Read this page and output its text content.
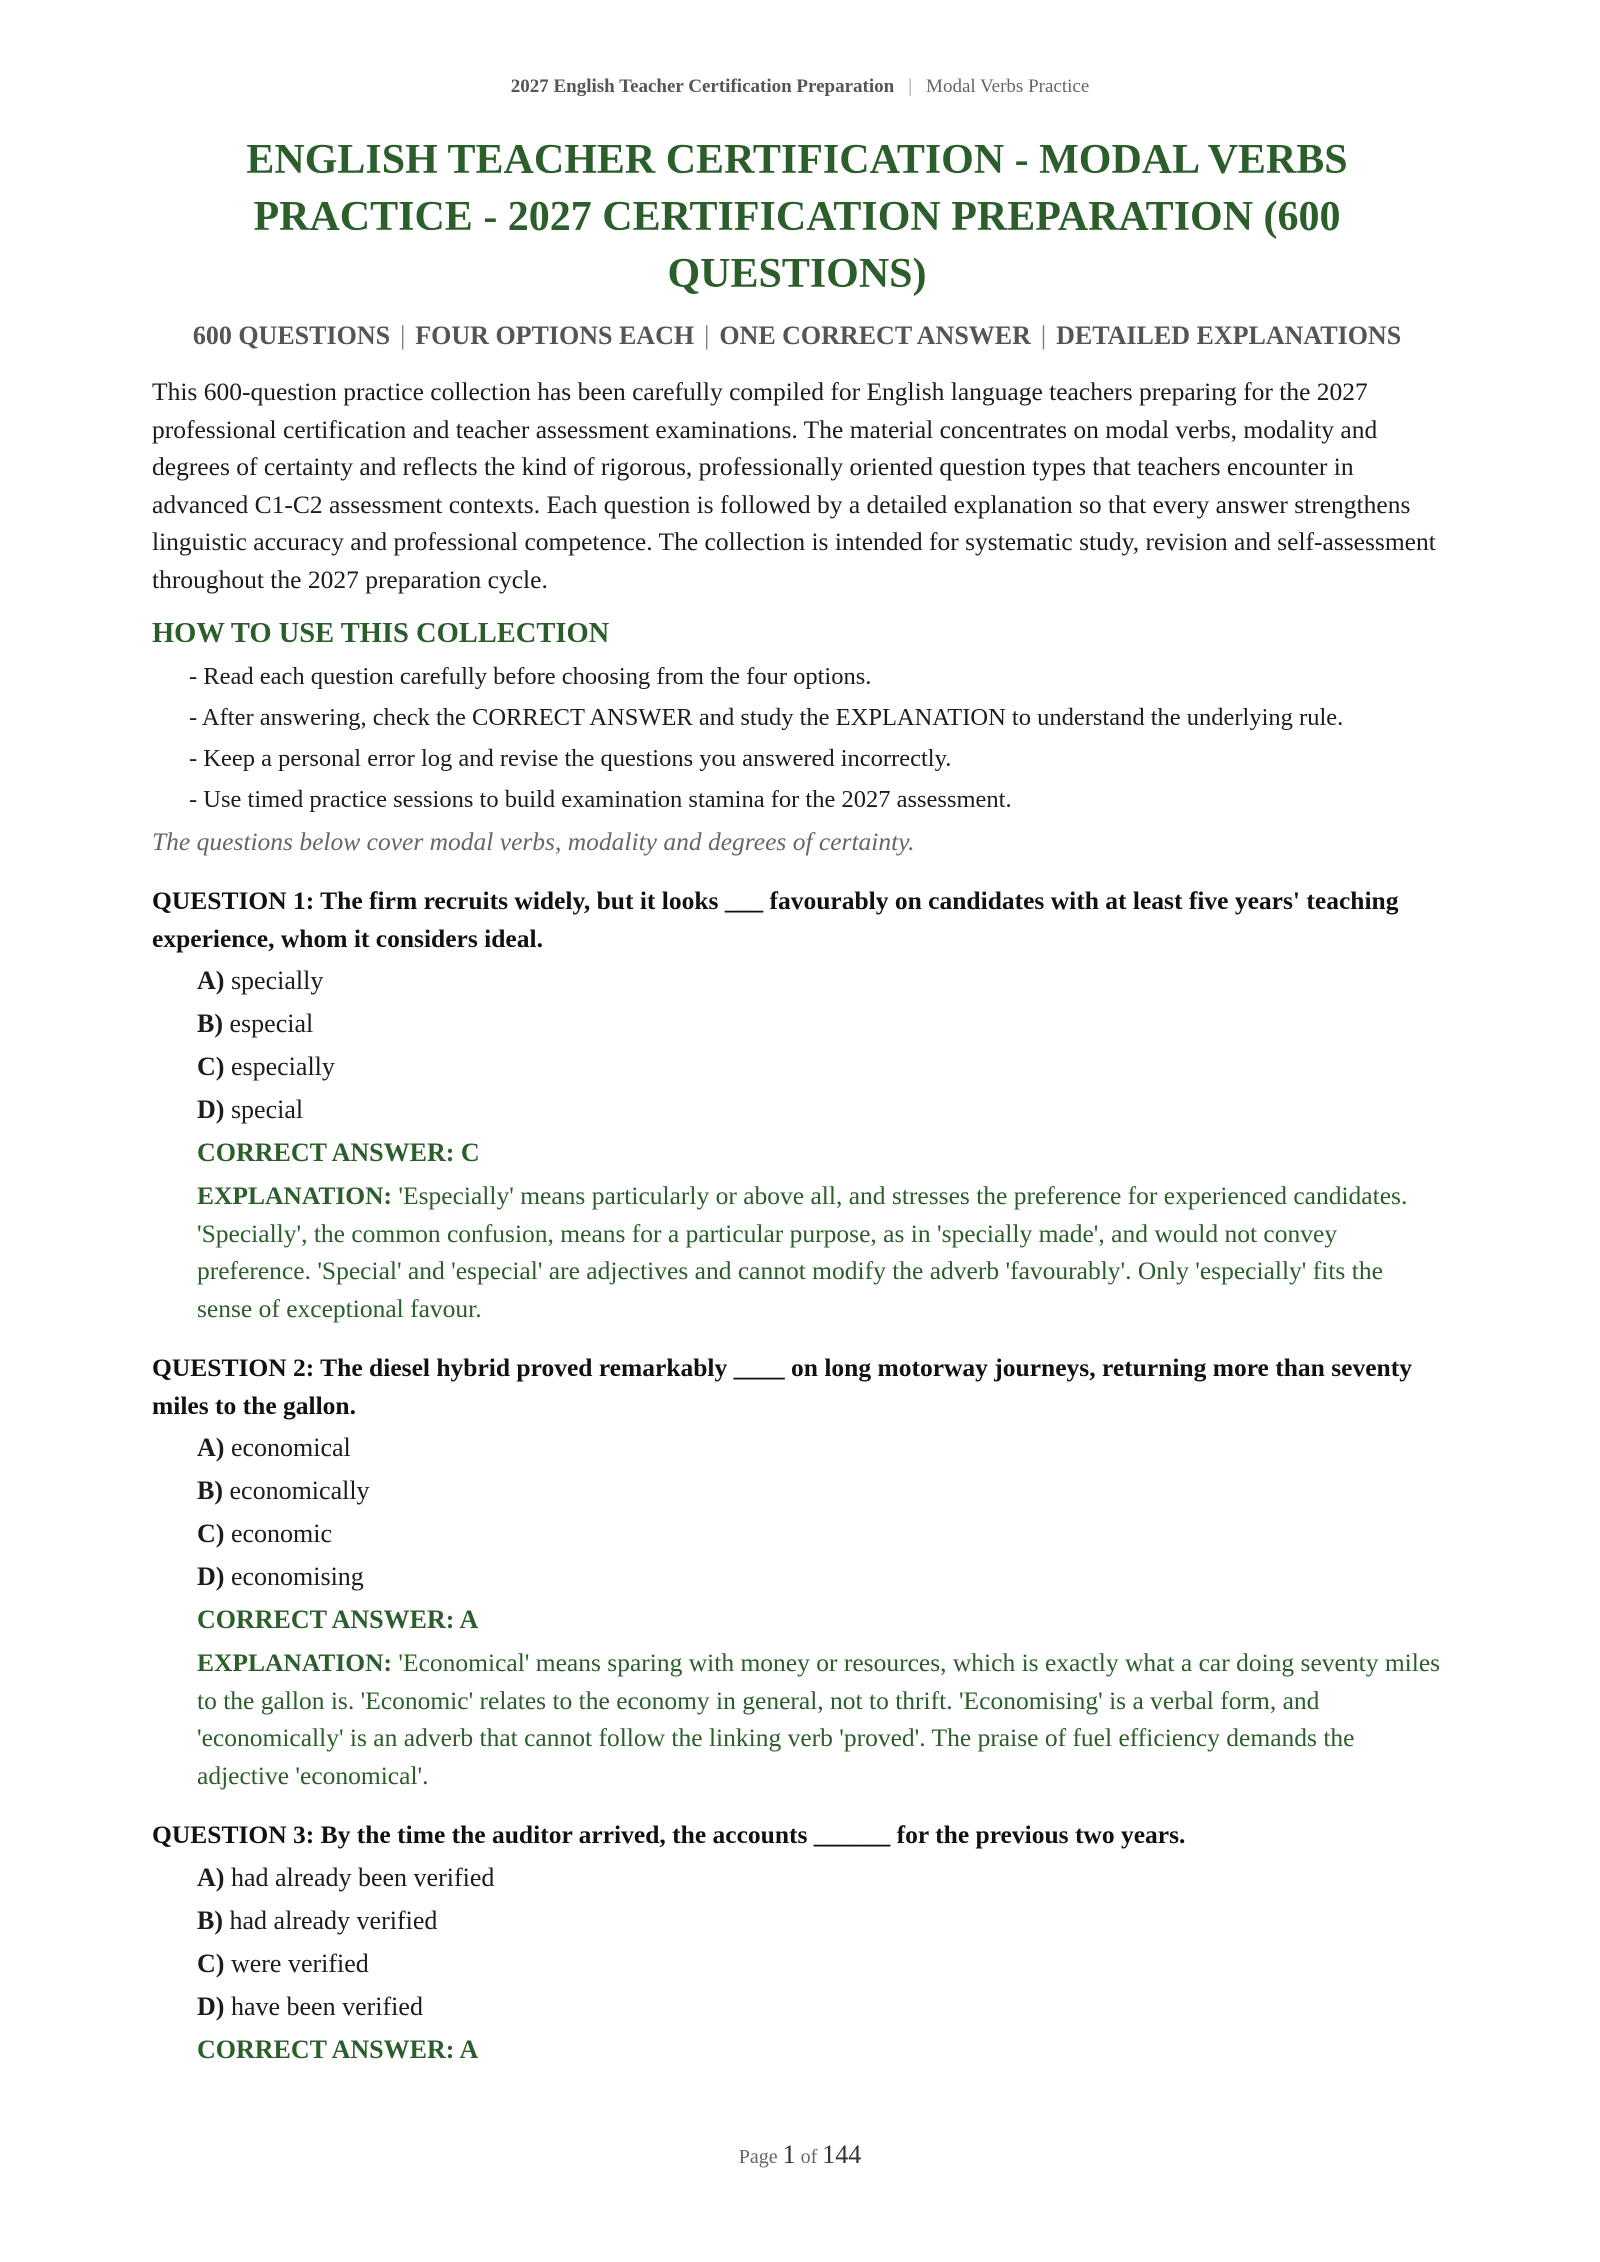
2027 English Teacher Certification Preparation | Modal Verbs Practice
ENGLISH TEACHER CERTIFICATION - MODAL VERBS PRACTICE - 2027 CERTIFICATION PREPARATION (600 QUESTIONS)
600 QUESTIONS | FOUR OPTIONS EACH | ONE CORRECT ANSWER | DETAILED EXPLANATIONS

This 600-question practice collection has been carefully compiled for English language teachers preparing for the 2027 professional certification and teacher assessment examinations. The material concentrates on modal verbs, modality and degrees of certainty and reflects the kind of rigorous, professionally oriented question types that teachers encounter in advanced C1-C2 assessment contexts. Each question is followed by a detailed explanation so that every answer strengthens linguistic accuracy and professional competence. The collection is intended for systematic study, revision and self-assessment throughout the 2027 preparation cycle.

HOW TO USE THIS COLLECTION
- Read each question carefully before choosing from the four options.
- After answering, check the CORRECT ANSWER and study the EXPLANATION to understand the underlying rule.
- Keep a personal error log and revise the questions you answered incorrectly.
- Use timed practice sessions to build examination stamina for the 2027 assessment.

The questions below cover modal verbs, modality and degrees of certainty.

QUESTION 1: The firm recruits widely, but it looks ___ favourably on candidates with at least five years' teaching experience, whom it considers ideal.

A) specially
B) especial
C) especially
D) special
CORRECT ANSWER: C

EXPLANATION: 'Especially' means particularly or above all, and stresses the preference for experienced candidates. 'Specially', the common confusion, means for a particular purpose, as in 'specially made', and would not convey preference. 'Special' and 'especial' are adjectives and cannot modify the adverb 'favourably'. Only 'especially' fits the sense of exceptional favour.

QUESTION 2: The diesel hybrid proved remarkably ____ on long motorway journeys, returning more than seventy miles to the gallon.

A) economical
B) economically
C) economic
D) economising
CORRECT ANSWER: A

EXPLANATION: 'Economical' means sparing with money or resources, which is exactly what a car doing seventy miles to the gallon is. 'Economic' relates to the economy in general, not to thrift. 'Economising' is a verbal form, and 'economically' is an adverb that cannot follow the linking verb 'proved'. The praise of fuel efficiency demands the adjective 'economical'.

QUESTION 3: By the time the auditor arrived, the accounts ______ for the previous two years.

A) had already been verified
B) had already verified
C) were verified
D) have been verified
CORRECT ANSWER: A
Page 1 of 144
